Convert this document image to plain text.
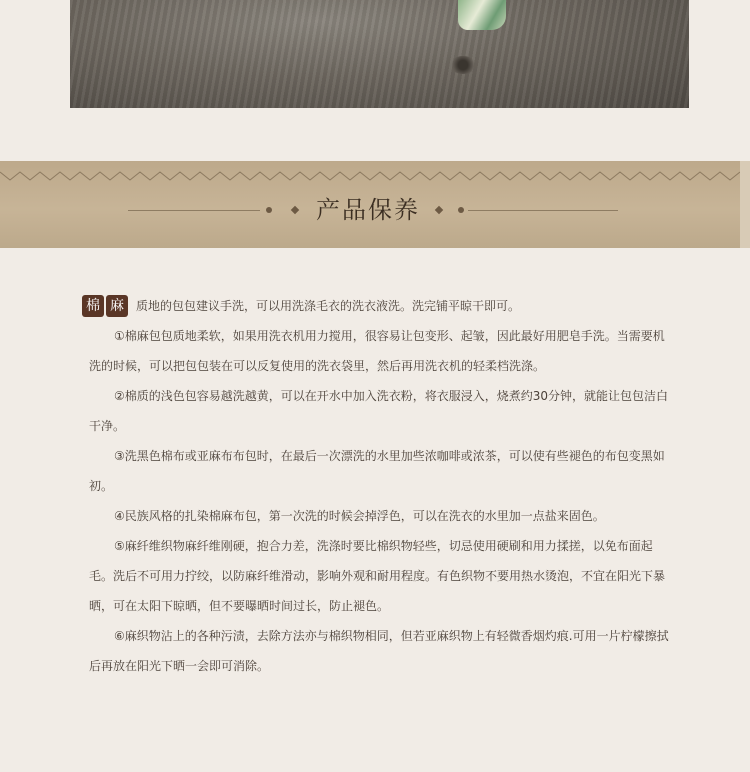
产品保养

棉 麻	质地的包包建议手洗，可以用洗涤毛衣的洗衣液洗。洗完铺平晾干即可。

①棉麻包包质地柔软，如果用洗衣机用力搅用，很容易让包变形、起皱，因此最好用肥皂手洗。当需要机洗的时候，可以把包包装在可以反复使用的洗衣袋里，然后再用洗衣机的轻柔档洗涤。

②棉质的浅色包容易越洗越黄，可以在开水中加入洗衣粉，将衣服浸入，烧煮约30分钟，就能让包包洁白干净。

③洗黑色棉布或亚麻布布包时，在最后一次漂洗的水里加些浓咖啡或浓茶，可以使有些褪色的布包变黑如初。

④民族风格的扎染棉麻布包，第一次洗的时候会掉浮色，可以在洗衣的水里加一点盐来固色。

⑤麻纤维织物麻纤维刚硬，抱合力差，洗涤时要比棉织物轻些，切忌使用硬刷和用力揉搓，以免布面起毛。洗后不可用力拧绞，以防麻纤维滑动，影响外观和耐用程度。有色织物不要用热水烫泡，不宜在阳光下暴晒，可在太阳下晾晒，但不要曝晒时间过长，防止褪色。

⑥麻织物沾上的各种污渍，去除方法亦与棉织物相同，但若亚麻织物上有轻微香烟灼痕.可用一片柠檬擦拭后再放在阳光下晒一会即可消除。
